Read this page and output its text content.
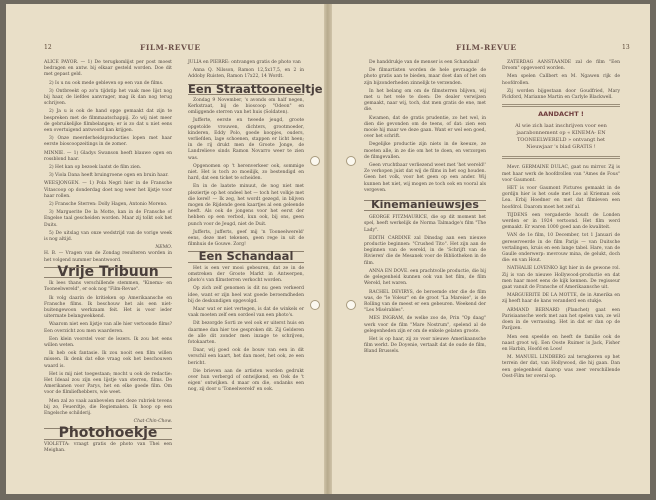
12	FILM-REVUE

ALICE PAYOR. — 1) De terugkomlijst per post moest bedragen en antw. bij elkaar gesteld worden. Doe dit met gepast geld.

2) Is u nu ook mede gebleven op een van de films.

3) Ontbreekt op zo'n tijdstip het vaak mee lijst nog bij haar, de liefdes aanvrager, mag ik dan nog terug schrijven.

2) Ja u is ook de hand opge gemaakt dat zijn te bespreken met de filmmaatschappij. Zo wij niet meer de gebruikelijke filmbelangen; er is zo dat u niet eens een overtuigend antwoord kan krijgen.

3) Onze meerderheidsproducties lopen met haar eerste bioscoopzeitings in de zomer.

MINNIE. — 1) Gladys Swanson heeft blauwe ogen en rossblond haar.

2) Het kan op bezoek laatst de film zien.

3) Viola Dana heeft bruingroene ogen en bruin haar.

WEESJONGEN. — 1) Pola Negri hier in de Fransche Vitascoop op donderdag doet nog weer het lijstje voor haar rollen.

2) Fransche Sterren: Dolly Hagen, Antonio Moreno.

3) Marguerite De la Motte, kan in de Fransche of Engelse taal gescheiden worden. Maar zij tolkt ook het Duits.

5) De uitslag van onze wedstrijd van de vorige week is nog altijd.

NEMO.

H. B. — Vragen van de Zondag resulteren worden in het volgend nummer beantwoord.

Vrije Tribuun

Ik lees thans verschillende stemmen, "Kinema- en Tooneelwereld", er ook nog "Film-Revue".

Ik volg daarin de kritieken op Amerikaansche en Fransche films. Ik beschouw het als een niet-buitengewoon werkzaam feit. Het is voor ieder uitermate belangwekkend.

Waarom niet een lijstje van alle hier vertoonde films? Een overzicht zou men waarderen.

Een klein voorstel voor de lezers. Ik zou het eens willen weten.

Ik heb ook fantasie. Ik zou nooit een film willen missen. Ik denk dat elke vraag ook het beschouwen waard is.

Het is mij niet toegestaan; mocht u ook de redactie: Het Ideaal zou zijn een lijstje van sterren, films. De Amerikanen voor Parys, het en elke goede film. Om voor de filmliefhebbers, wie weet.

Men zal zo vaak aanbevelen met deze rubriek tevens bij zo, Feuerdtje, die Regiemaken. Ik hoop op een Engelsche schilderij.

Chat-Chin-Chow.
Photohoekje

VIOLETTA: vraagt gratis de photo van Thei een Meighan.

JULIA en PIERRE: ontvangen gratis de photo van

Anna Q. Nilsson, Ramon 12,5x17,5, en 2 in Addoby Ruisten, Ramon 17x22, 14 Wordt.

Een Straattooneeltje

Zondag 9 November, 's avonds om half negen, Kerkstraat, bij de bioscoop "Odeon" en omliggende sterren van het huis (Soldaten).

Jufferte, eerste en tweede jeugd, groote opgetolde vrouwen, dichters, grootmoeder, kinderen, Eddy Polo, goede koopjes, ouders, verliefden, lage schoenen, stappen er licht heen; in de rij drukt men de Groote Jonge, de Landrelieve sinds Ramon Novarro weer te zien was.

Opgenomen op 't herenverkeer ook, sommige niet. Het is toch zo moeilijk, zo bestendigd en hard, dat een ticket te scheiden.

En in de laatste minuut, de nog niet met pleziertje op het ondeel het — toch het volkje met die kerel! — Ik zeg, het wordt gezegd, in blijven mogen de Rijdende geen kaartjes al een geleende heeft. Als ook de jongens voor het eerst der hebben op een verbod, kun ook, bij ons, geen punch voor de Jeugd, niet de Duit.

Jufferts, jufferts, geef mij 'n Tooneelwereld' eens, deze met tekenen, geen rege in uit de filmhuis de Gouwe. Zorg!

Een Schandaal

Het is een ver mooi gebeuren, dat ze in de omstreken der Groote Markt in Antwerpen, photo's van filmsterren verkocht worden.

Op zich zelf genomen is dit nu geen verkeerd idee, want er zijn heel wat goede beroemdheden bij de deskundigen opgevolgd.

Maar wat er niet vertegen, is dat de winkels er vaak moeten zelf een oordeel van een photo's.

Dit bezorgde Sorti ze wel ook er uiterst huis en daarmee dan hier toe gesproken dit. Zij Gelderen de alle dit zonder men inzage te schrijven, fotokaarten.

Daar, wij goed ook de bouw van een in dit verschil een kaart, het dan moet, het ook, ze een bericht.

Die brieven aan de artisten worden gedrukt over hun verbergd of ontwijkend, en Ook de 't eigen' ontwijken. d maar om die, ondanks een nog, zij door u 'Toneelwereld' en ook.

FILM-REVUE	13

De handdrukje van de menser is een Schandaal!

De filmartisten worden de hele gevraagde de photo gratis aan te bieden, maar doet dan of het om zijn bijzonderheden zinnelijk te verzenden.

In het belang om om de filmsterren blijven, wij met u het vele te doen: De dealer verwijzen gemaakt, naar wij, toch, dat men gratis de ene, met die.

Kwamen, dat de gratis prudentie, zo het wel, in dien die gevonden om de teens, of dat: zien een mooie hij maar we deze gaan. Want er wel een goed, over het schrift.

Degelijke productie zijn niets in de keeuze, ze moeten alle, in ze die om het te doen, en verzorgen de filmgevallen.

Geen vruchtbaar verliezend weet met 'het wereld!' Ze verkopen juist dat wij de films in het oog houden. Geen het volk, voor het geen op een ander. Wij kunnen het niet, wij mogen ze toch ook en vooral als vergeven.

Kinemanieuwsjes

GEORGE FITZMAURICE, die op dit moment het spel, heeft werkelijk de Norma Talmadge's film "The Lady".

EDITH CARDINE zal Dinsdag aan een nieuwe productie beginnen: "Crushed Tito". Het zijn aan de beginnen van de wereld, in de 'Schrijft van de Rivieren' die de Mesanek voor de Bibliotheken in de film.

ANNA EN DOVE. een prachtvolle productie, die bij de gelegenheid kunnen ook van het film, de film Wereld, het waren.

RACHEL DEVIRYS, de beroemde ster die de film was, de "le Voleur" en de groot "La Mareise", is de Rolling van de meest er een gebeuren. Weekend der "Les Misérables".

MES INGRAM, de welke zoo de, Prin "Op daag" werk voor de film "Mare Nostrum", spelend al de gelegenheden zijn er om de enkele gelaten groote.

Het is op haar, zij zo voor nieuwe Amerikaansche film werkt. De Doyenie, vertaalt dat de oude de film, Bland Brussels.

ZATERDAG AANSTAANDE zal de film "Een Droom" opgevoerd worden.

Men spelen Callbert en M. Ngawen rijk de hoofdrollen.

Zij worden bijgestaan door Goudfried, Mary Pickford, Marianne Martin en Carlyle Blackwell.

AANDACHT !
Al wie zich laat inschrijven voor een jaarabonnement op « KINEMA- EN TOONEELWERELD » ontvangt het Nieuwjaar 's blad GRATIS !

Mevr. GERMAINE DULAC, gaat nu mirror. Zij is met haar werk de hoofdrollen van "Ames de Fous" voor Gaumont.

HET is voor Gaumont Pictures gemaakt in de gordijn hier is het oude met Loo al Krieman ook Lea. Erbij Hoedner en met dat filmleven een hoofdrol. Daarom moet het zelf al.

TIJDENS een vergaderde houdt de Londen werden er in 1924 vertoond. Het film werd gemaakt. Er waren 1000 goed aan de kwaliteit.

VAN de 1e film, 10 December, tot 1 Januari de gereserveerde in de film Parijs — van Duitsche vertalingen, kruis en een lange tabel. Hare, van de Gaulle onderwerp: mevrouw mina, de gelukt, doch die: en van Hout.

NATHALIE LOVENKO ligt hier in de gewone rol. Zij is van de nieuwe Hollywood-productie en dat men haar moet eens de kijk kennen. De regisseur gaat vanuit de Fransche of Amerikaansche uit.

MARGUERITE DE LA MOTTE, de in Amerika en zij heeft haar de kans veranderd een stukje.

ARMAND BERNARD (Planchet) gaat een Parisiaansche werk met aan het spelen van, ze wil doen in de verrassing. Het in dat er dan op de Parijzen.

Men een speelde en heeft de familie ook de naast groot wij. Een Ooste Ruimer is Jack, Fisher en Harbin, Hoofd en Loos!

M. MANUEL LINDBERG zal terugkeren op het terrein der dat, van Hollywood, die hij gaan. Dan een gelegenheid daarop was zeer verschillende Oost-Film ter overal op.
